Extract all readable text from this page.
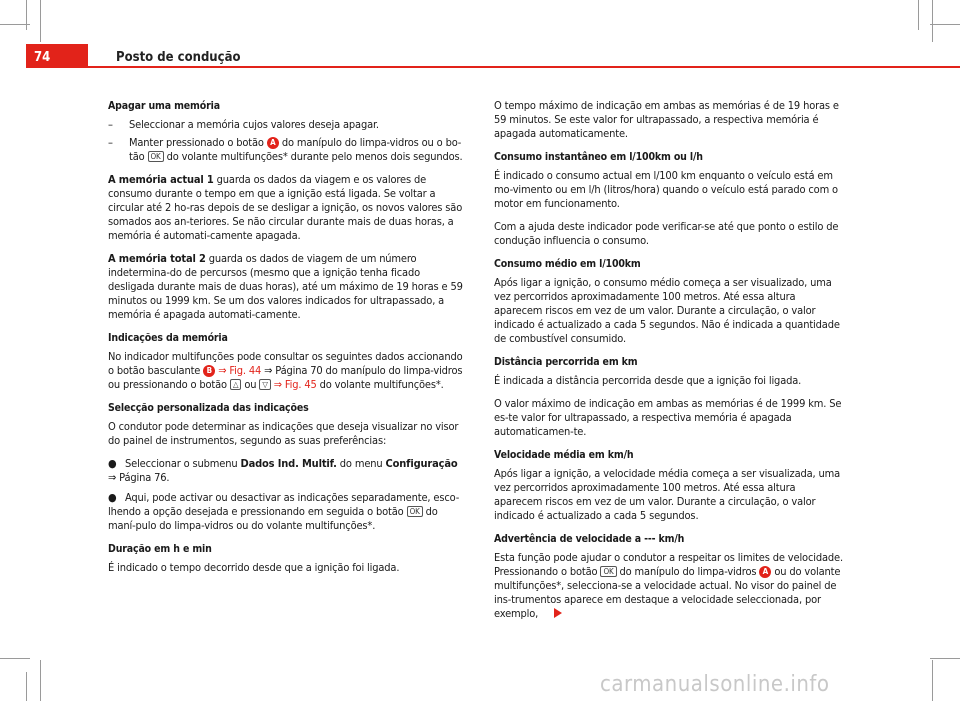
74	Posto de condução
Apagar uma memória
– Seleccionar a memória cujos valores deseja apagar.
– Manter pressionado o botão A do manípulo do limpa-vidros ou o bo-tão OK do volante multifunções* durante pelo menos dois segundos.

A memória actual 1 guarda os dados da viagem e os valores de consumo durante o tempo em que a ignição está ligada. Se voltar a circular até 2 ho-ras depois de se desligar a ignição, os novos valores são somados aos an-teriores. Se não circular durante mais de duas horas, a memória é automati-camente apagada.

A memória total 2 guarda os dados de viagem de um número indetermina-do de percursos (mesmo que a ignição tenha ficado desligada durante mais de duas horas), até um máximo de 19 horas e 59 minutos ou 1999 km. Se um dos valores indicados for ultrapassado, a memória é apagada automati-camente.

Indicações da memória

No indicador multifunções pode consultar os seguintes dados accionando o botão basculante B ⇒ Fig. 44 ⇒ Página 70 do manípulo do limpa-vidros ou pressionando o botão △ ou ▽ ⇒ Fig. 45 do volante multifunções*.

Selecção personalizada das indicações

O condutor pode determinar as indicações que deseja visualizar no visor do painel de instrumentos, segundo as suas preferências:

● Seleccionar o submenu Dados Ind. Multif. do menu Configuração
⇒ Página 76.
● Aqui, pode activar ou desactivar as indicações separadamente, esco-lhendo a opção desejada e pressionando em seguida o botão OK do maní-pulo do limpa-vidros ou do volante multifunções*.
Duração em h e min

É indicado o tempo decorrido desde que a ignição foi ligada.

O tempo máximo de indicação em ambas as memórias é de 19 horas e 59 minutos. Se este valor for ultrapassado, a respectiva memória é apagada automaticamente.

Consumo instantâneo em l/100km ou l/h

É indicado o consumo actual em l/100 km enquanto o veículo está em mo-vimento ou em l/h (litros/hora) quando o veículo está parado com o motor em funcionamento.

Com a ajuda deste indicador pode verificar-se até que ponto o estilo de condução influencia o consumo.

Consumo médio em l/100km

Após ligar a ignição, o consumo médio começa a ser visualizado, uma vez percorridos aproximadamente 100 metros. Até essa altura aparecem riscos em vez de um valor. Durante a circulação, o valor indicado é actualizado a cada 5 segundos. Não é indicada a quantidade de combustível consumido.

Distância percorrida em km

É indicada a distância percorrida desde que a ignição foi ligada.

O valor máximo de indicação em ambas as memórias é de 1999 km. Se es-te valor for ultrapassado, a respectiva memória é apagada automaticamen-te.

Velocidade média em km/h

Após ligar a ignição, a velocidade média começa a ser visualizada, uma vez percorridos aproximadamente 100 metros. Até essa altura aparecem riscos em vez de um valor. Durante a circulação, o valor indicado é actualizado a cada 5 segundos.

Advertência de velocidade a --- km/h

Esta função pode ajudar o condutor a respeitar os limites de velocidade. Pressionando o botão OK do manípulo do limpa-vidros A ou do volante multifunções*, selecciona-se a velocidade actual. No visor do painel de ins-trumentos aparece em destaque a velocidade seleccionada, por exemplo,

carmanualsonline.info
